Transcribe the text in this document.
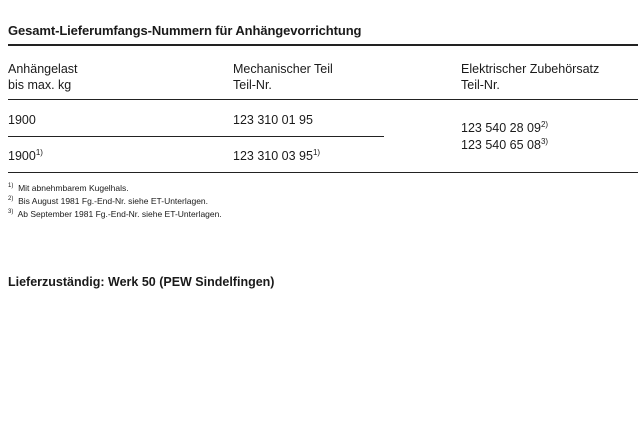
Gesamt-Lieferumfangs-Nummern für Anhängevorrichtung
Anhängelast
bis max. kg
Mechanischer Teil
Teil-Nr.
Elektrischer Zubehörsatz
Teil-Nr.
1900	123 310 01 95
1900$^{1)}$	123 310 03 95$^{1)}$
123 540 28 09$^{2)}$
123 540 65 08$^{3)}$
$^{1)}$ Mit abnehmbarem Kugelhals.
$^{2)}$ Bis August 1981 Fg.-End-Nr. siehe ET-Unterlagen.
$^{3)}$ Ab September 1981 Fg.-End-Nr. siehe ET-Unterlagen.
Lieferzuständig: Werk 50 (PEW Sindelfingen)
